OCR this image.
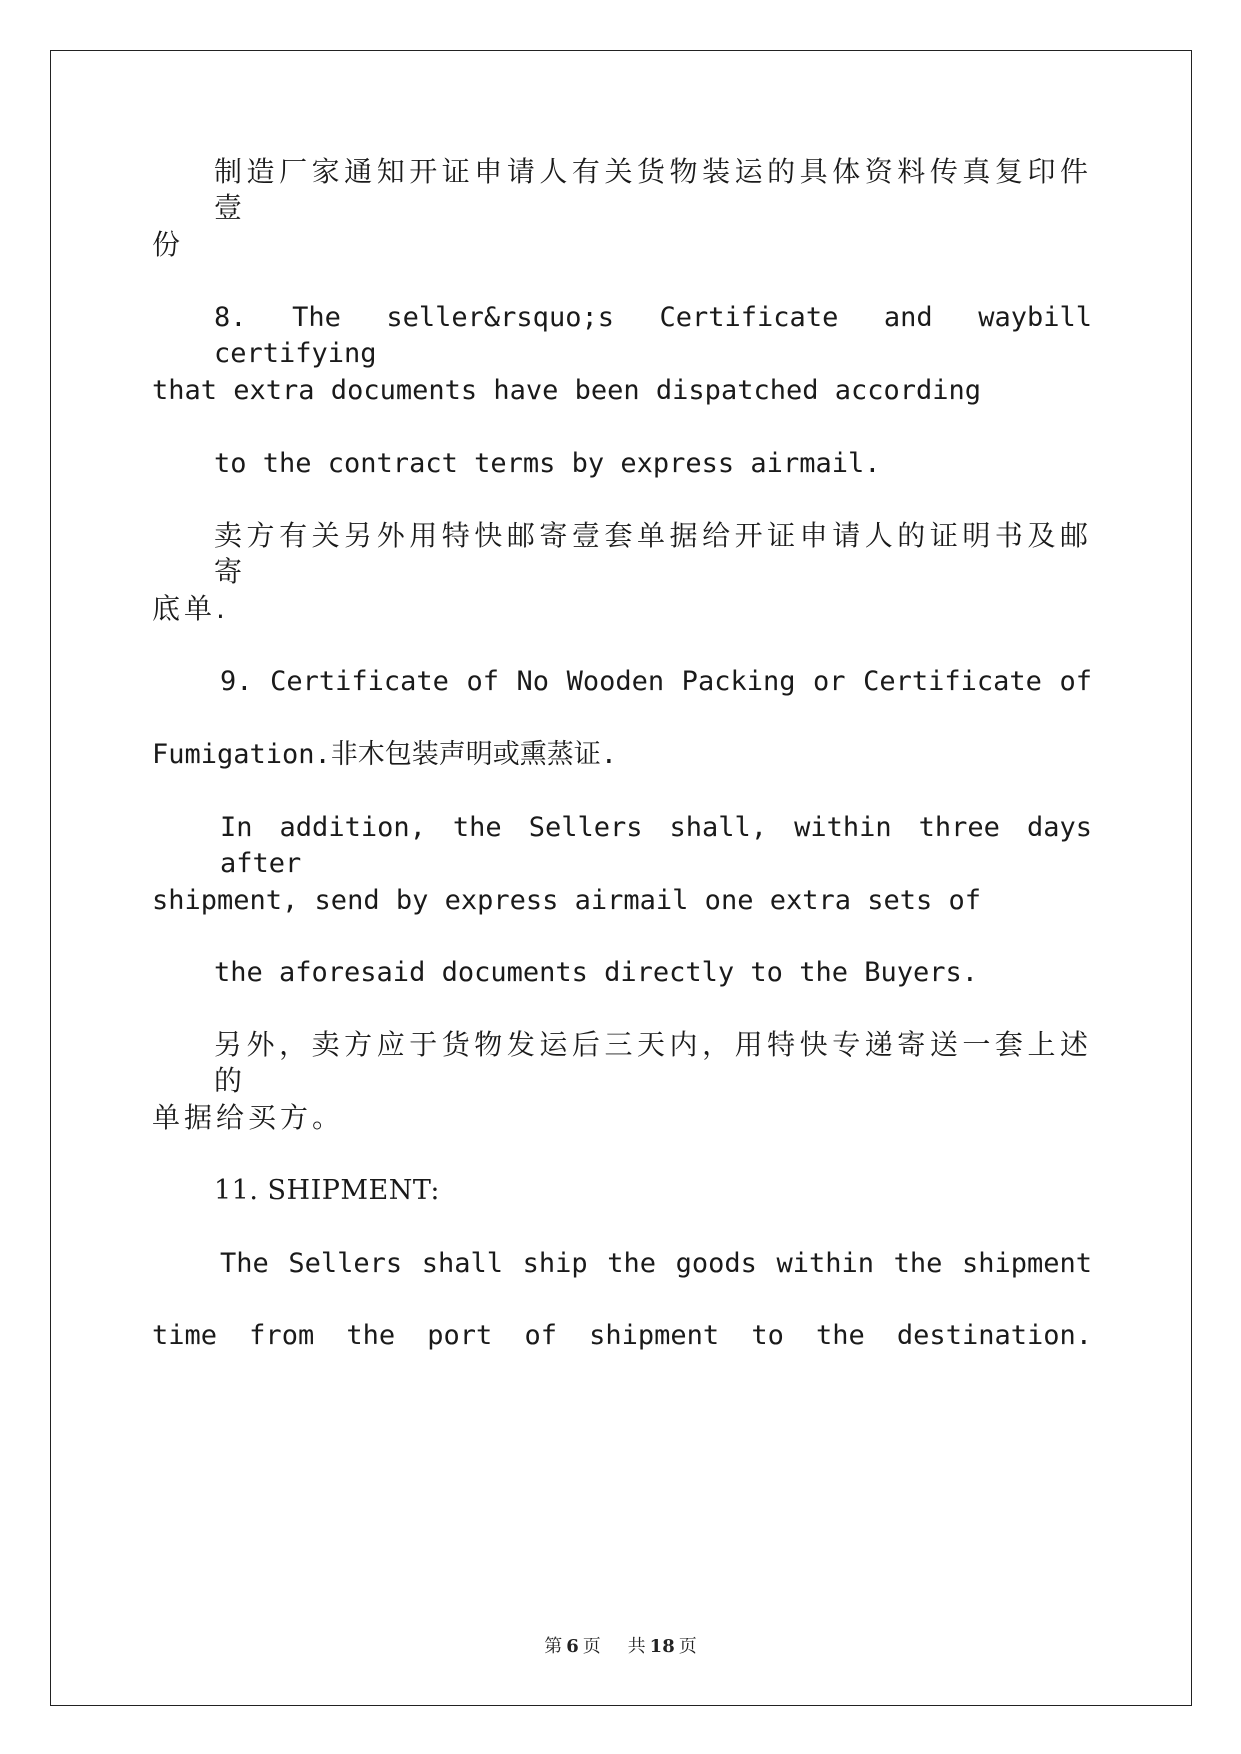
制造厂家通知开证申请人有关货物装运的具体资料传真复印件壹
份
8. The seller&rsquo;s Certificate and waybill certifying
that extra documents have been dispatched according
to the contract terms by express airmail.
卖方有关另外用特快邮寄壹套单据给开证申请人的证明书及邮寄
底单.
9. Certificate of No Wooden Packing or Certificate of
Fumigation.非木包装声明或熏蒸证.
In addition, the Sellers shall, within three days after
shipment, send by express airmail one extra sets of
the aforesaid documents directly to the Buyers.
另外，卖方应于货物发运后三天内，用特快专递寄送一套上述的
单据给买方。
11. SHIPMENT:
The Sellers shall ship the goods within the shipment
time from the port of shipment to the destination.
第 6 页 共 18 页
